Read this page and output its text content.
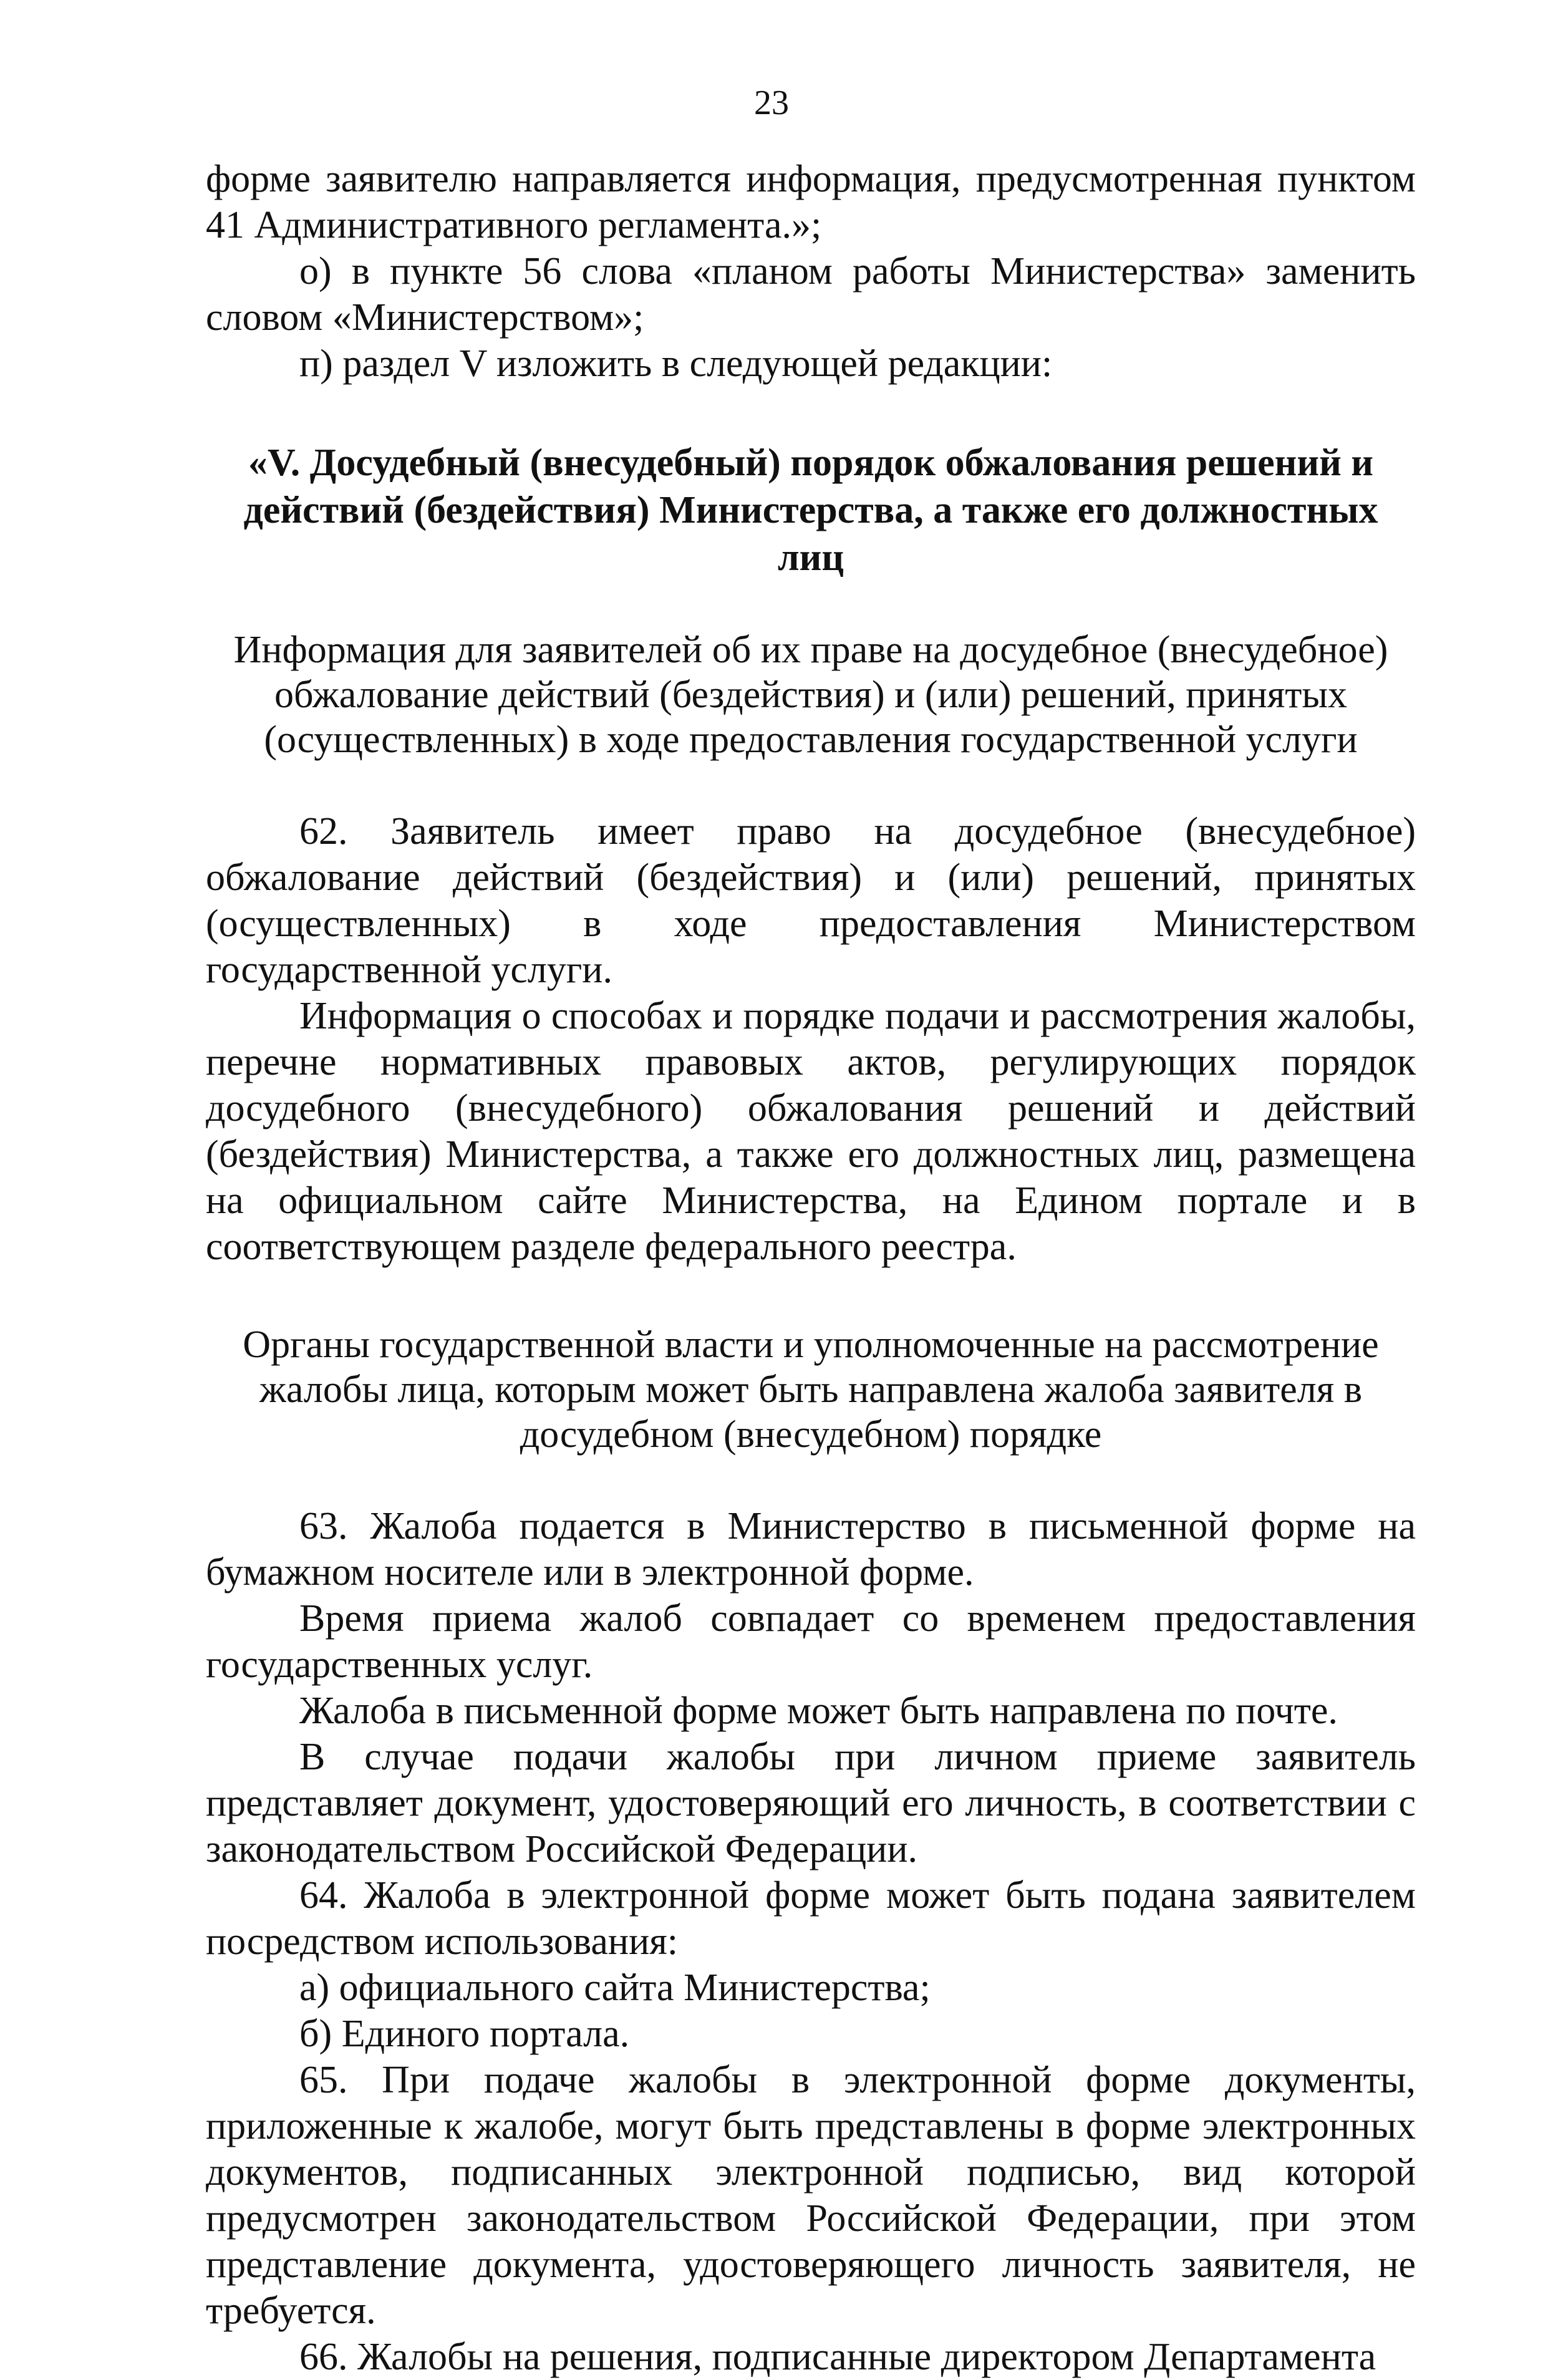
23

форме заявителю направляется информация, предусмотренная пунктом 41 Административного регламента.»;

о) в пункте 56 слова «планом работы Министерства» заменить словом «Министерством»;

п) раздел V изложить в следующей редакции:

«V. Досудебный (внесудебный) порядок обжалования решений и действий (бездействия) Министерства, а также его должностных лиц

Информация для заявителей об их праве на досудебное (внесудебное) обжалование действий (бездействия) и (или) решений, принятых (осуществленных) в ходе предоставления государственной услуги

62. Заявитель имеет право на досудебное (внесудебное) обжалование действий (бездействия) и (или) решений, принятых (осуществленных) в ходе предоставления Министерством государственной услуги.

Информация о способах и порядке подачи и рассмотрения жалобы, перечне нормативных правовых актов, регулирующих порядок досудебного (внесудебного) обжалования решений и действий (бездействия) Министерства, а также его должностных лиц, размещена на официальном сайте Министерства, на Едином портале и в соответствующем разделе федерального реестра.

Органы государственной власти и уполномоченные на рассмотрение жалобы лица, которым может быть направлена жалоба заявителя в досудебном (внесудебном) порядке

63. Жалоба подается в Министерство в письменной форме на бумажном носителе или в электронной форме.

Время приема жалоб совпадает со временем предоставления государственных услуг.

Жалоба в письменной форме может быть направлена по почте.

В случае подачи жалобы при личном приеме заявитель представляет документ, удостоверяющий его личность, в соответствии с законодательством Российской Федерации.

64. Жалоба в электронной форме может быть подана заявителем посредством использования:

а) официального сайта Министерства;

б) Единого портала.

65. При подаче жалобы в электронной форме документы, приложенные к жалобе, могут быть представлены в форме электронных документов, подписанных электронной подписью, вид которой предусмотрен законодательством Российской Федерации, при этом представление документа, удостоверяющего личность заявителя, не требуется.

66. Жалобы на решения, подписанные директором Департамента
